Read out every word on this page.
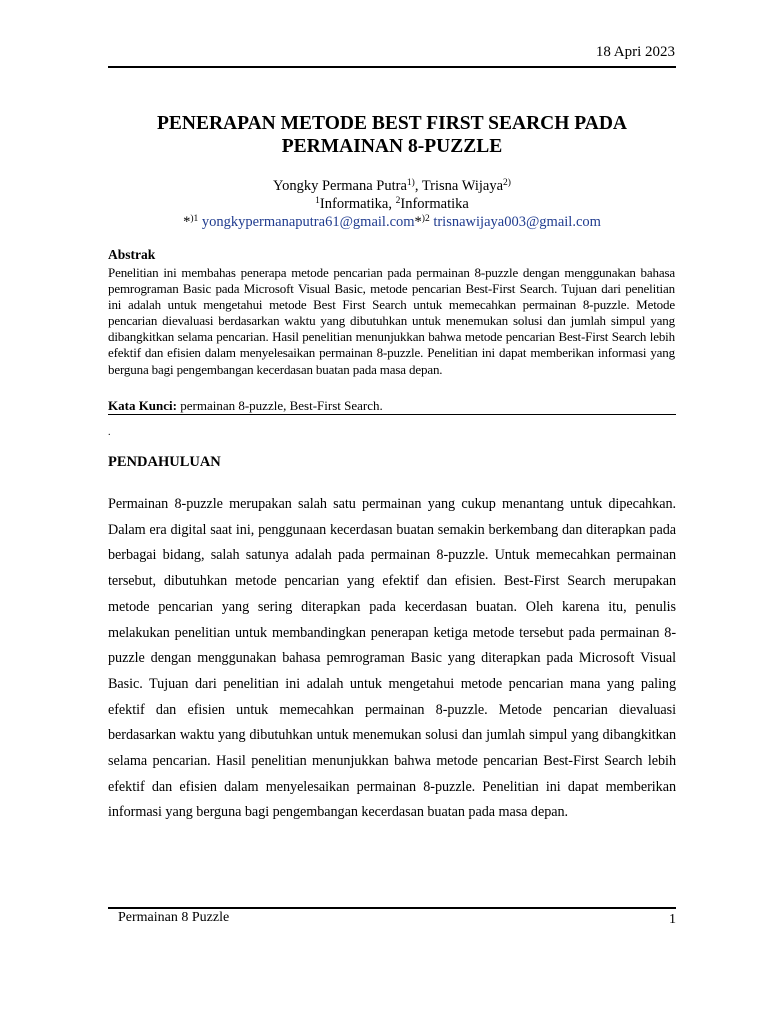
18 Apri 2023
PENERAPAN METODE BEST FIRST SEARCH PADA PERMAINAN 8-PUZZLE
Yongky Permana Putra$^{1)}$, Trisna Wijaya$^{2)}$
$^1$Informatika, $^2$Informatika
*$^{)1}$ yongkypermanaputra61@gmail.com*$^{)2}$ trisnawijaya003@gmail.com
Abstrak
Penelitian ini membahas penerapa metode pencarian pada permainan 8-puzzle dengan menggunakan bahasa pemrograman Basic pada Microsoft Visual Basic, metode pencarian Best-First Search. Tujuan dari penelitian ini adalah untuk mengetahui metode Best First Search untuk memecahkan permainan 8-puzzle. Metode pencarian dievaluasi berdasarkan waktu yang dibutuhkan untuk menemukan solusi dan jumlah simpul yang dibangkitkan selama pencarian. Hasil penelitian menunjukkan bahwa metode pencarian Best-First Search lebih efektif dan efisien dalam menyelesaikan permainan 8-puzzle. Penelitian ini dapat memberikan informasi yang berguna bagi pengembangan kecerdasan buatan pada masa depan.
Kata Kunci: permainan 8-puzzle, Best-First Search.
.
PENDAHULUAN
Permainan 8-puzzle merupakan salah satu permainan yang cukup menantang untuk dipecahkan. Dalam era digital saat ini, penggunaan kecerdasan buatan semakin berkembang dan diterapkan pada berbagai bidang, salah satunya adalah pada permainan 8-puzzle. Untuk memecahkan permainan tersebut, dibutuhkan metode pencarian yang efektif dan efisien. Best-First Search merupakan metode pencarian yang sering diterapkan pada kecerdasan buatan. Oleh karena itu, penulis melakukan penelitian untuk membandingkan penerapan ketiga metode tersebut pada permainan 8-puzzle dengan menggunakan bahasa pemrograman Basic yang diterapkan pada Microsoft Visual Basic. Tujuan dari penelitian ini adalah untuk mengetahui metode pencarian mana yang paling efektif dan efisien untuk memecahkan permainan 8-puzzle. Metode pencarian dievaluasi berdasarkan waktu yang dibutuhkan untuk menemukan solusi dan jumlah simpul yang dibangkitkan selama pencarian. Hasil penelitian menunjukkan bahwa metode pencarian Best-First Search lebih efektif dan efisien dalam menyelesaikan permainan 8-puzzle. Penelitian ini dapat memberikan informasi yang berguna bagi pengembangan kecerdasan buatan pada masa depan.
Permainan 8 Puzzle	1
